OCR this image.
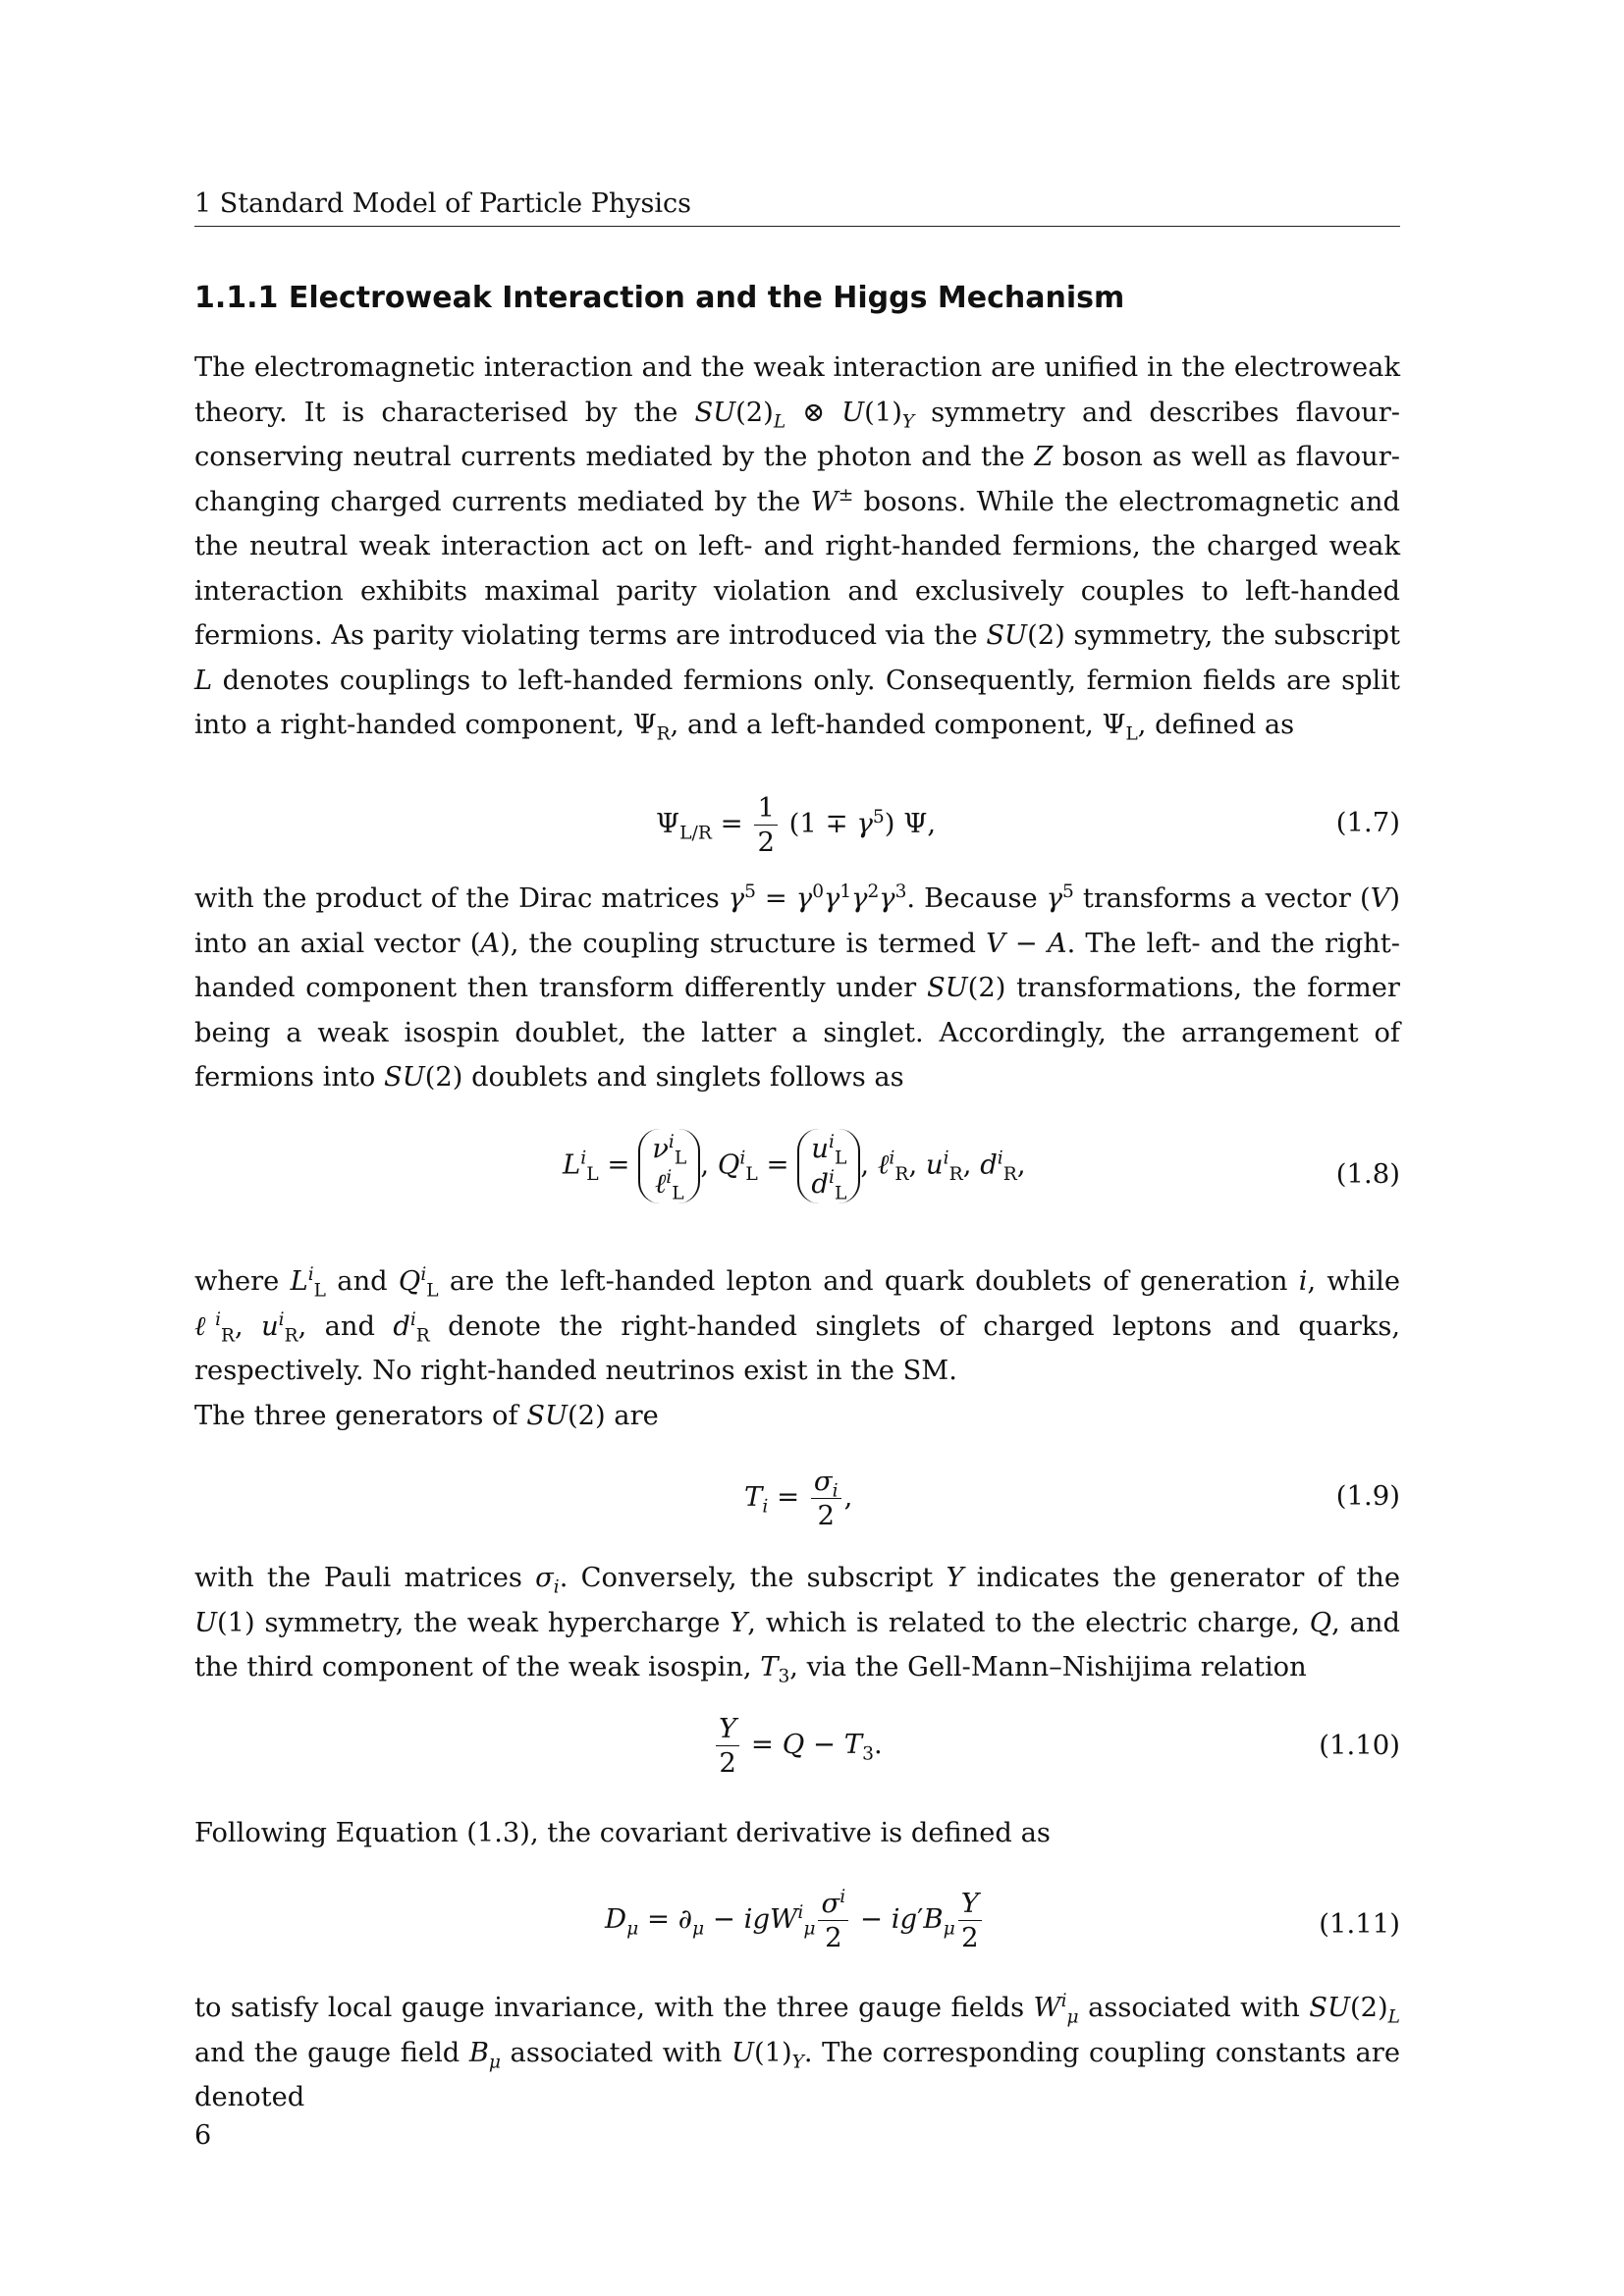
1 Standard Model of Particle Physics
1.1.1 Electroweak Interaction and the Higgs Mechanism

The electromagnetic interaction and the weak interaction are unified in the electroweak theory. It is characterised by the $SU(2)_L$ ⊗ $U(1)_Y$ symmetry and describes flavour-conserving neutral currents mediated by the photon and the Z boson as well as flavour-changing charged currents mediated by the W± bosons. While the electromagnetic and the neutral weak interaction act on left- and right-handed fermions, the charged weak interaction exhibits maximal parity violation and exclusively couples to left-handed fermions. As parity violating terms are introduced via the SU(2) symmetry, the subscript L denotes couplings to left-handed fermions only. Consequently, fermion fields are split into a right-handed component, $\Psi_R$, and a left-handed component, $\Psi_L$, defined as

$\Psi_{L/R} = \frac{1}{2} (1 \mp \gamma^5)$ Ψ,	(1.7)

with the product of the Dirac matrices $\gamma^5 = \gamma^0\gamma^1\gamma^2\gamma^3$. Because $\gamma^5$ transforms a vector (V) into an axial vector (A), the coupling structure is termed V − A. The left- and the right-handed component then transform differently under SU(2) transformations, the former being a weak isospin doublet, the latter a singlet. Accordingly, the arrangement of fermions into SU(2) doublets and singlets follows as

$L^i_L = \nu^i_L$
ℓ$^i_L$, $Q^i_L = u^i_L$
$d^i_L$, ℓ$^i_R$, $u^i_R$, $d^i_R$,	(1.8)

where $L^i_L$ and $Q^i_L$ are the left-handed lepton and quark doublets of generation i, while ℓ$^i_R$, $u^i_R$, and $d^i_R$ denote the right-handed singlets of charged leptons and quarks, respectively. No right-handed neutrinos exist in the SM.
The three generators of SU(2) are

$T_i = \frac{\sigma_i}{2}$ ,	(1.9)

with the Pauli matrices $\sigma_i$. Conversely, the subscript Y indicates the generator of the U(1) symmetry, the weak hypercharge Y, which is related to the electric charge, Q, and the third component of the weak isospin, $T_3$, via the Gell-Mann–Nishijima relation

$\frac{Y}{2} = Q - T_3$.	(1.10)

Following Equation (1.3), the covariant derivative is defined as

$D_\mu = \partial_\mu - igW^i_\mu \frac{\sigma^i}{2} - ig'B_\mu \frac{Y}{2}$	(1.11)

to satisfy local gauge invariance, with the three gauge fields $W^i_\mu$ associated with $SU(2)_L$ and the gauge field $B_\mu$ associated with $U(1)_Y$. The corresponding coupling constants are denoted

6
